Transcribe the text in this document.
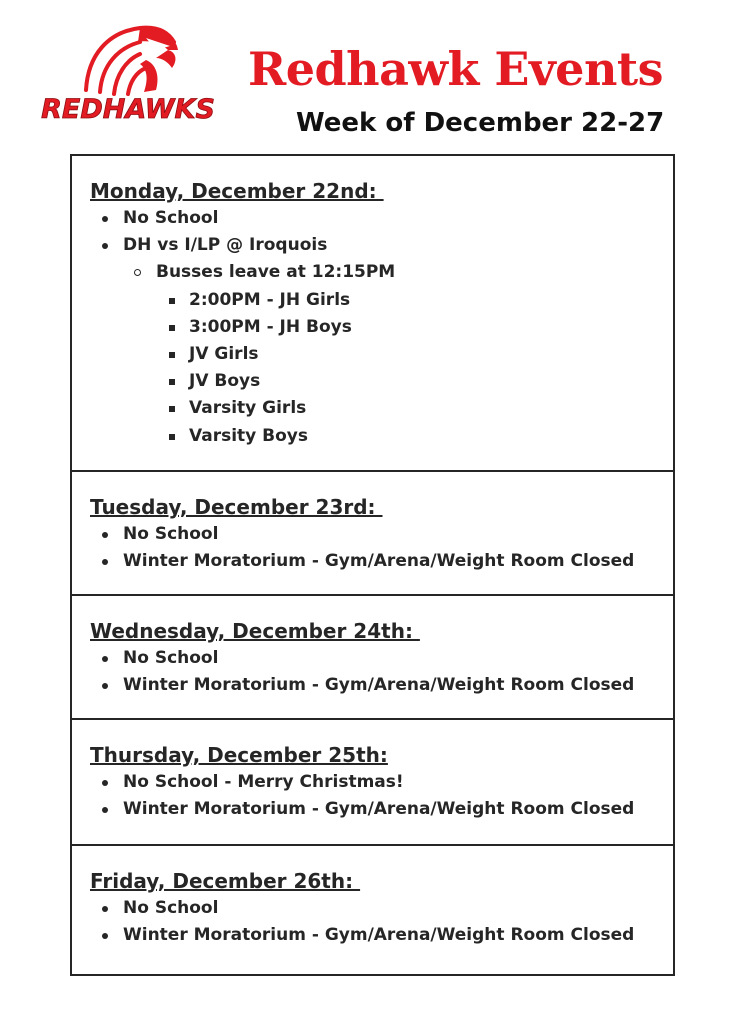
REDHAWKS
Redhawk Events
Week of December 22-27

Monday, December 22nd:

No School
DH vs I/LP @ Iroquois
Busses leave at 12:15PM
2:00PM - JH Girls
3:00PM - JH Boys
JV Girls
JV Boys
Varsity Girls
Varsity Boys

Tuesday, December 23rd:

No School
Winter Moratorium - Gym/Arena/Weight Room Closed

Wednesday, December 24th:

No School
Winter Moratorium - Gym/Arena/Weight Room Closed

Thursday, December 25th:

No School - Merry Christmas!
Winter Moratorium - Gym/Arena/Weight Room Closed

Friday, December 26th:

No School
Winter Moratorium - Gym/Arena/Weight Room Closed
